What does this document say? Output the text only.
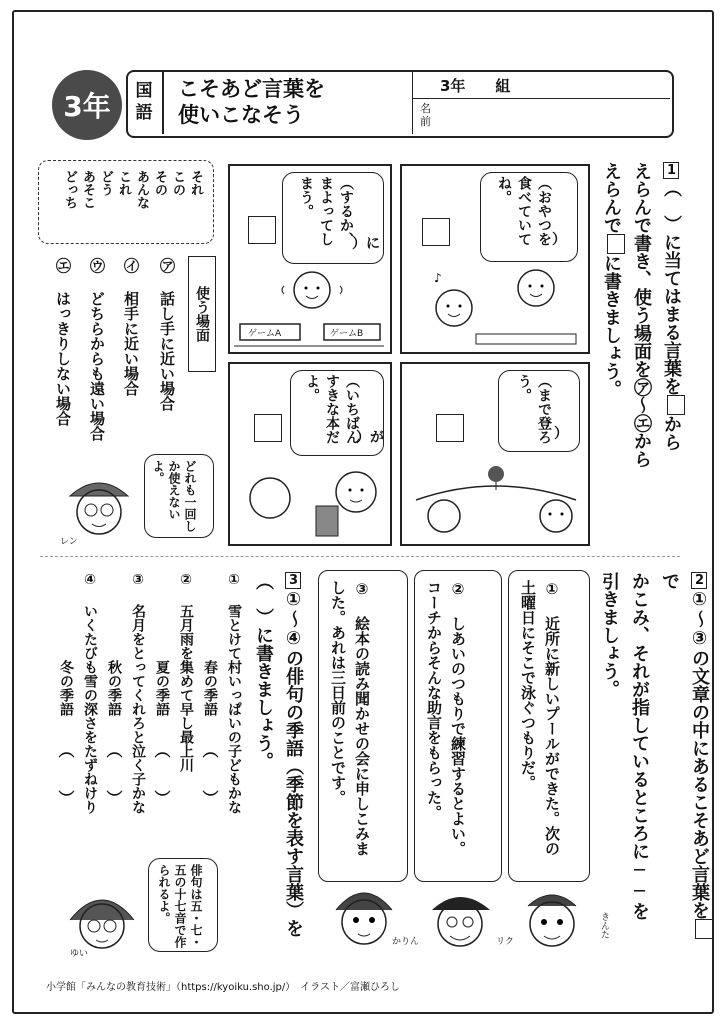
3年	国
語
こそあど言葉を
使いこなそう
3年　　組
名前
1（　）に当てはまる言葉をから
えらんで書き、使う場面を㋐～㋓から
えらんでに書きましょう。
（おやつを食べていてね。
）
♪
（するか、まよってしまう。
）に
ゲームA	ゲームB
（まで登ろう。
）
（いちばんすきな本だよ。
）が
それ
この
その
あんな
これ
どう
あそこ
どっち
使う場面
㋐ 話し手に近い場合
㋑ 相手に近い場合
㋒ どちらからも遠い場合
㋓ はっきりしない場合
どれも一回しか使えないよ。
レン
2①～③の文章の中にあるこそあど言葉をで
かこみ、それが指しているところに──を
引きましょう。
① 近所に新しいプールができた。次の土曜日にそこで泳ぐつもりだ。
② しあいのつもりで練習するとよい。コーチからそんな助言をもらった。
③ 絵本の読み聞かせの会に申しこみました。あれは三日前のことです。
きんた
リク
かりん
3①～④の俳句の季語（季節を表す言葉）を
（　）に書きましょう。
① 雪とけて村いっぱいの子どもかな
春の季語
（　　）
② 五月雨を集めて早し最上川
夏の季語
（　　）
③ 名月をとってくれろと泣く子かな
秋の季語
（　　）
④ いくたびも雪の深さをたずねけり
冬の季語
（　　）
俳句は五・七・五の十七音で作られるよ。
ゆい
小学館「みんなの教育技術」（https://kyoiku.sho.jp/）　イラスト／富瀬ひろし
